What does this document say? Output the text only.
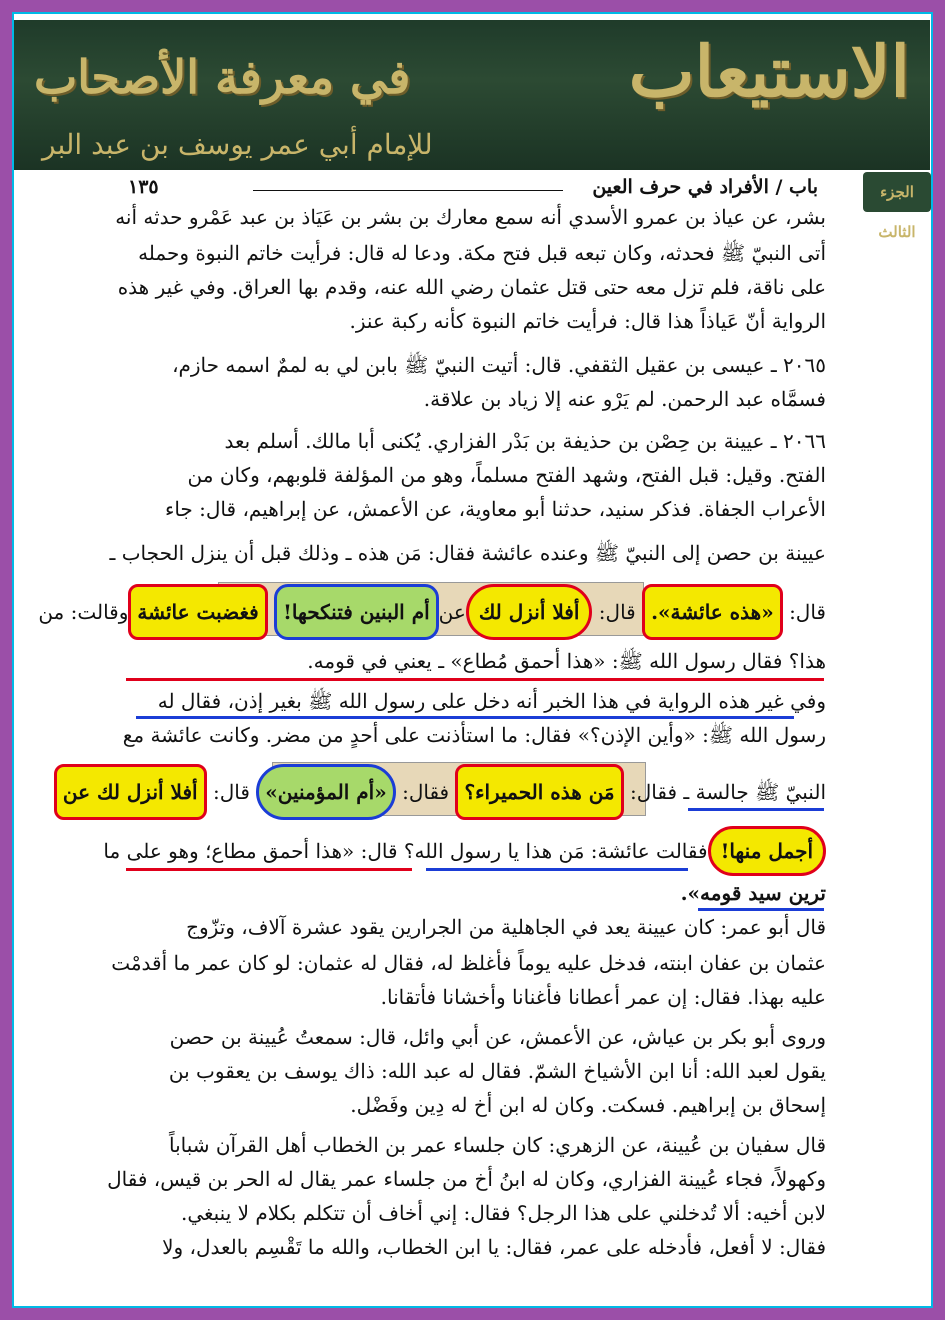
الاستيعاب
في معرفة الأصحاب
للإمام أبي عمر يوسف بن عبد البر
الجزء الثالث
باب / الأفراد في حرف العين
١٣٥
بشر، عن عياذ بن عمرو الأسدي أنه سمع معارك بن بشر بن عَيَاذ بن عبد عَمْرو حدثه أنه
أتى النبيّ ﷺ فحدثه، وكان تبعه قبل فتح مكة. ودعا له قال: فرأيت خاتم النبوة وحمله
على ناقة، فلم تزل معه حتى قتل عثمان رضي الله عنه، وقدم بها العراق. وفي غير هذه
الرواية أنّ عَياذاً هذا قال: فرأيت خاتم النبوة كأنه ركبة عنز.
٢٠٦٥ ـ عيسى بن عقيل الثقفي. قال: أتيت النبيّ ﷺ بابن لي به لممٌ اسمه حازم،
فسمَّاه عبد الرحمن. لم يَرْو عنه إلا زياد بن علاقة.
٢٠٦٦ ـ عيينة بن حِصْن بن حذيفة بن بَدْر الفزاري. يُكنى أبا مالك. أسلم بعد
الفتح. وقيل: قبل الفتح، وشهد الفتح مسلماً، وهو من المؤلفة قلوبهم، وكان من
الأعراب الجفاة. فذكر سنيد، حدثنا أبو معاوية، عن الأعمش، عن إبراهيم، قال: جاء
عيينة بن حصن إلى النبيّ ﷺ وعنده عائشة فقال: مَن هذه ـ وذلك قبل أن ينزل الحجاب ـ
قال: «هذه عائشة». قال: أفلا أنزل لكعنأم البنين فتنكحها! فغضبت عائشةوقالت: من
هذا؟ فقال رسول الله ﷺ: «هذا أحمق مُطاع» ـ يعني في قومه.
وفي غير هذه الرواية في هذا الخبر أنه دخل على رسول الله ﷺ بغير إذن، فقال له
رسول الله ﷺ: «وأين الإذن؟» فقال: ما استأذنت على أحدٍ من مضر. وكانت عائشة مع
النبيّ ﷺ جالسة ـ فقال: مَن هذه الحميراء؟ فقال: «أم المؤمنين» قال: أفلا أنزل لك عن
أجمل منها!فقالت عائشة: مَن هذا يا رسول الله؟ قال: «هذا أحمق مطاع؛ وهو على ما
ترين سيد قومه».
قال أبو عمر: كان عيينة يعد في الجاهلية من الجرارين يقود عشرة آلاف، وتزّوج
عثمان بن عفان ابنته، فدخل عليه يوماً فأغلظ له، فقال له عثمان: لو كان عمر ما أقدمْت
عليه بهذا. فقال: إن عمر أعطانا فأغنانا وأخشانا فأتقانا.
وروى أبو بكر بن عياش، عن الأعمش، عن أبي وائل، قال: سمعتُ عُيينة بن حصن
يقول لعبد الله: أنا ابن الأشياخ الشمّ. فقال له عبد الله: ذاك يوسف بن يعقوب بن
إسحاق بن إبراهيم. فسكت. وكان له ابن أخ له دِين وفَضْل.
قال سفيان بن عُيينة، عن الزهري: كان جلساء عمر بن الخطاب أهل القرآن شباباً
وكهولاً، فجاء عُيينة الفزاري، وكان له ابنُ أخ من جلساء عمر يقال له الحر بن قيس، فقال
لابن أخيه: ألا تُدخلني على هذا الرجل؟ فقال: إني أخاف أن تتكلم بكلام لا ينبغي.
فقال: لا أفعل، فأدخله على عمر، فقال: يا ابن الخطاب، والله ما تَقْسِم بالعدل، ولا
